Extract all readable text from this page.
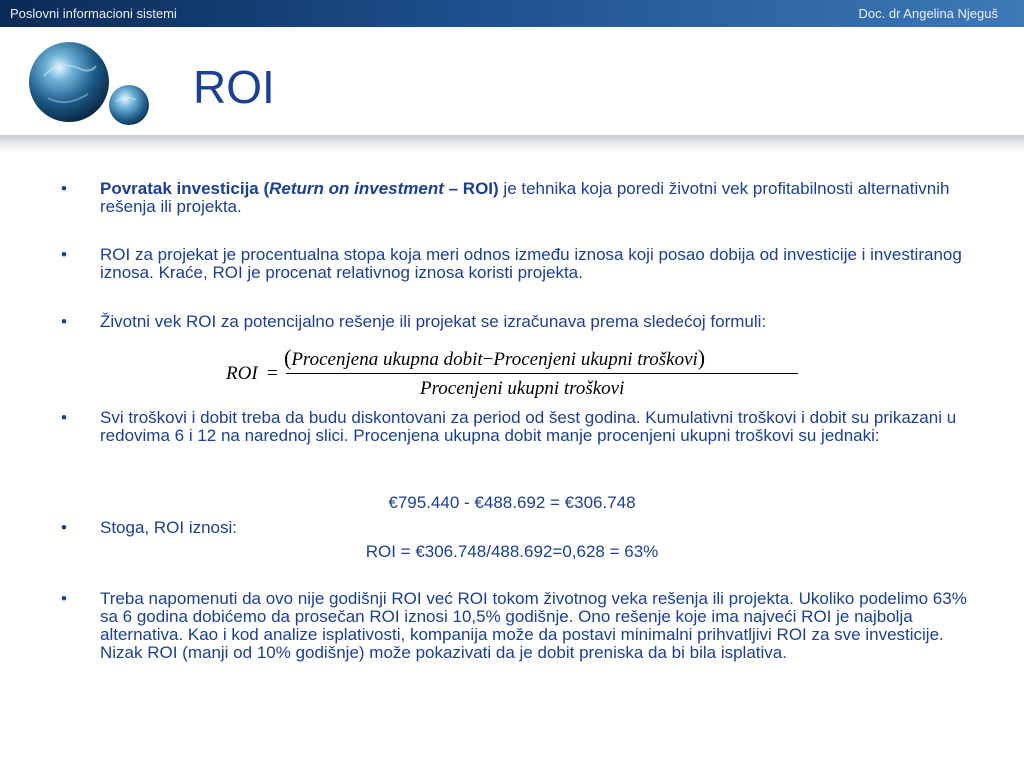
Poslovni informacioni sistemi	Doc. dr Angelina Njeguš
ROI
• Povratak investicija (Return on investment – ROI) je tehnika koja poredi životni vek profitabilnosti alternativnih rešenja ili projekta.
• ROI za projekat je procentualna stopa koja meri odnos između iznosa koji posao dobija od investicije i investiranog iznosa. Kraće, ROI je procenat relativnog iznosa koristi projekta.
• Životni vek ROI za potencijalno rešenje ili projekat se izračunava prema sledećoj formuli:
ROI =
(Procenjena ukupna dobit−Procenjeni ukupni troškovi)
Procenjeni ukupni troškovi
• Svi troškovi i dobit treba da budu diskontovani za period od šest godina. Kumulativni troškovi i dobit su prikazani u redovima 6 i 12 na narednoj slici. Procenjena ukupna dobit manje procenjeni ukupni troškovi su jednaki:
€795.440 - €488.692 = €306.748
• Stoga, ROI iznosi:
ROI = €306.748/488.692=0,628 = 63%
• Treba napomenuti da ovo nije godišnji ROI već ROI tokom životnog veka rešenja ili projekta. Ukoliko podelimo 63% sa 6 godina dobićemo da prosečan ROI iznosi 10,5% godišnje. Ono rešenje koje ima najveći ROI je najbolja alternativa. Kao i kod analize isplativosti, kompanija može da postavi minimalni prihvatljivi ROI za sve investicije. Nizak ROI (manji od 10% godišnje) može pokazivati da je dobit preniska da bi bila isplativa.
